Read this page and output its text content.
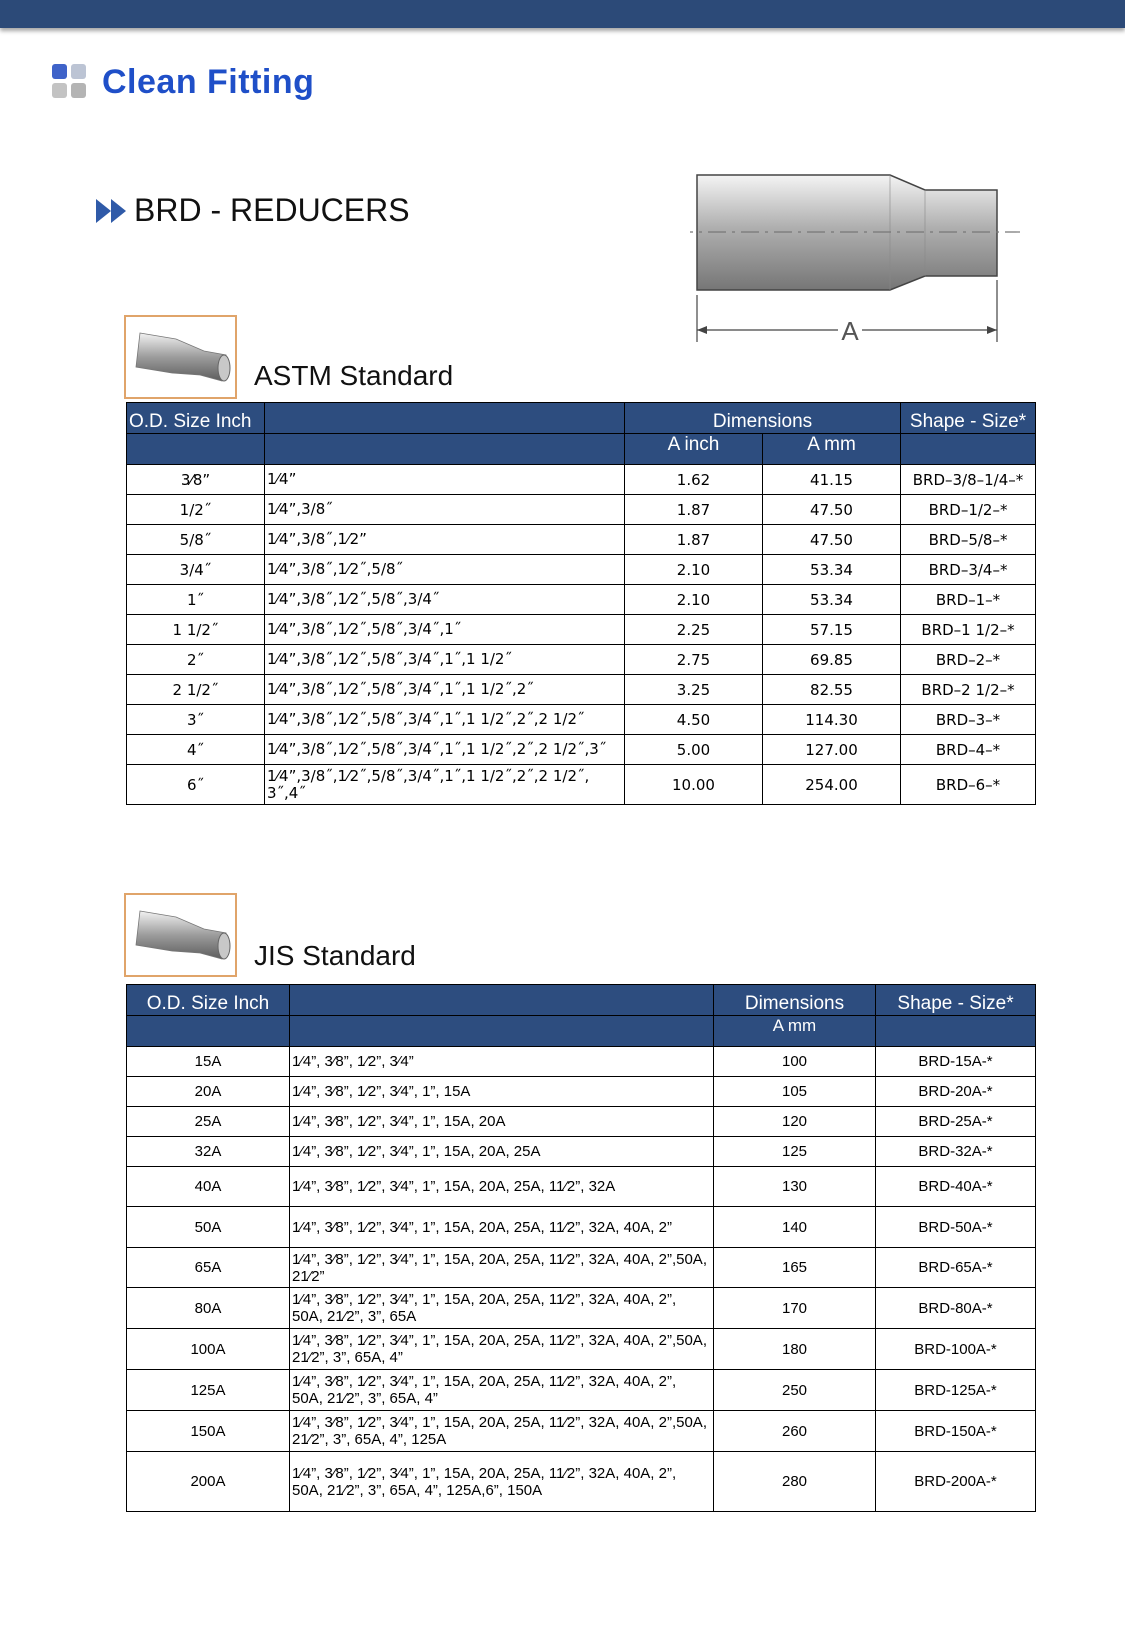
Clean Fitting
BRD - REDUCERS
A
ASTM Standard
O.D. Size Inch		Dimensions		Shape - Size*
		A inch	A mm	
3⁄8”	1⁄4”	1.62	41.15	BRD–3/8–1/4–*
1/2˝	1⁄4”,3/8˝	1.87	47.50	BRD–1/2–*
5/8˝	1⁄4”,3/8˝,1⁄2”	1.87	47.50	BRD–5/8–*
3/4˝	1⁄4”,3/8˝,1⁄2˝,5/8˝	2.10	53.34	BRD–3/4–*
1˝	1⁄4”,3/8˝,1⁄2˝,5/8˝,3/4˝	2.10	53.34	BRD–1–*
1 1/2˝	1⁄4”,3/8˝,1⁄2˝,5/8˝,3/4˝,1˝	2.25	57.15	BRD–1 1/2–*
2˝	1⁄4”,3/8˝,1⁄2˝,5/8˝,3/4˝,1˝,1 1/2˝	2.75	69.85	BRD–2–*
2 1/2˝	1⁄4”,3/8˝,1⁄2˝,5/8˝,3/4˝,1˝,1 1/2˝,2˝	3.25	82.55	BRD–2 1/2–*
3˝	1⁄4”,3/8˝,1⁄2˝,5/8˝,3/4˝,1˝,1 1/2˝,2˝,2 1/2˝	4.50	114.30	BRD–3–*
4˝	1⁄4”,3/8˝,1⁄2˝,5/8˝,3/4˝,1˝,1 1/2˝,2˝,2 1/2˝,3˝	5.00	127.00	BRD–4–*
6˝	1⁄4”,3/8˝,1⁄2˝,5/8˝,3/4˝,1˝,1 1/2˝,2˝,2 1/2˝, 3˝,4˝	10.00	254.00	BRD–6–*
JIS Standard
O.D. Size Inch		Dimensions	Shape - Size*
		A mm	
15A	1⁄4”, 3⁄8”, 1⁄2”, 3⁄4”	100	BRD-15A-*
20A	1⁄4”, 3⁄8”, 1⁄2”, 3⁄4”, 1”, 15A	105	BRD-20A-*
25A	1⁄4”, 3⁄8”, 1⁄2”, 3⁄4”, 1”, 15A, 20A	120	BRD-25A-*
32A	1⁄4”, 3⁄8”, 1⁄2”, 3⁄4”, 1”, 15A, 20A, 25A	125	BRD-32A-*
40A	1⁄4”, 3⁄8”, 1⁄2”, 3⁄4”, 1”, 15A, 20A, 25A, 11⁄2”, 32A	130	BRD-40A-*
50A	1⁄4”, 3⁄8”, 1⁄2”, 3⁄4”, 1”, 15A, 20A, 25A, 11⁄2”, 32A, 40A, 2”	140	BRD-50A-*
65A	1⁄4”, 3⁄8”, 1⁄2”, 3⁄4”, 1”, 15A, 20A, 25A, 11⁄2”, 32A, 40A, 2”,50A, 21⁄2”	165	BRD-65A-*
80A	1⁄4”, 3⁄8”, 1⁄2”, 3⁄4”, 1”, 15A, 20A, 25A, 11⁄2”, 32A, 40A, 2”, 50A, 21⁄2”, 3”, 65A	170	BRD-80A-*
100A	1⁄4”, 3⁄8”, 1⁄2”, 3⁄4”, 1”, 15A, 20A, 25A, 11⁄2”, 32A, 40A, 2”,50A, 21⁄2”, 3”, 65A, 4”	180	BRD-100A-*
125A	1⁄4”, 3⁄8”, 1⁄2”, 3⁄4”, 1”, 15A, 20A, 25A, 11⁄2”, 32A, 40A, 2”, 50A, 21⁄2”, 3”, 65A, 4”	250	BRD-125A-*
150A	1⁄4”, 3⁄8”, 1⁄2”, 3⁄4”, 1”, 15A, 20A, 25A, 11⁄2”, 32A, 40A, 2”,50A, 21⁄2”, 3”, 65A, 4”, 125A	260	BRD-150A-*
200A	1⁄4”, 3⁄8”, 1⁄2”, 3⁄4”, 1”, 15A, 20A, 25A, 11⁄2”, 32A, 40A, 2”, 50A, 21⁄2”, 3”, 65A, 4”, 125A,6”, 150A	280	BRD-200A-*
